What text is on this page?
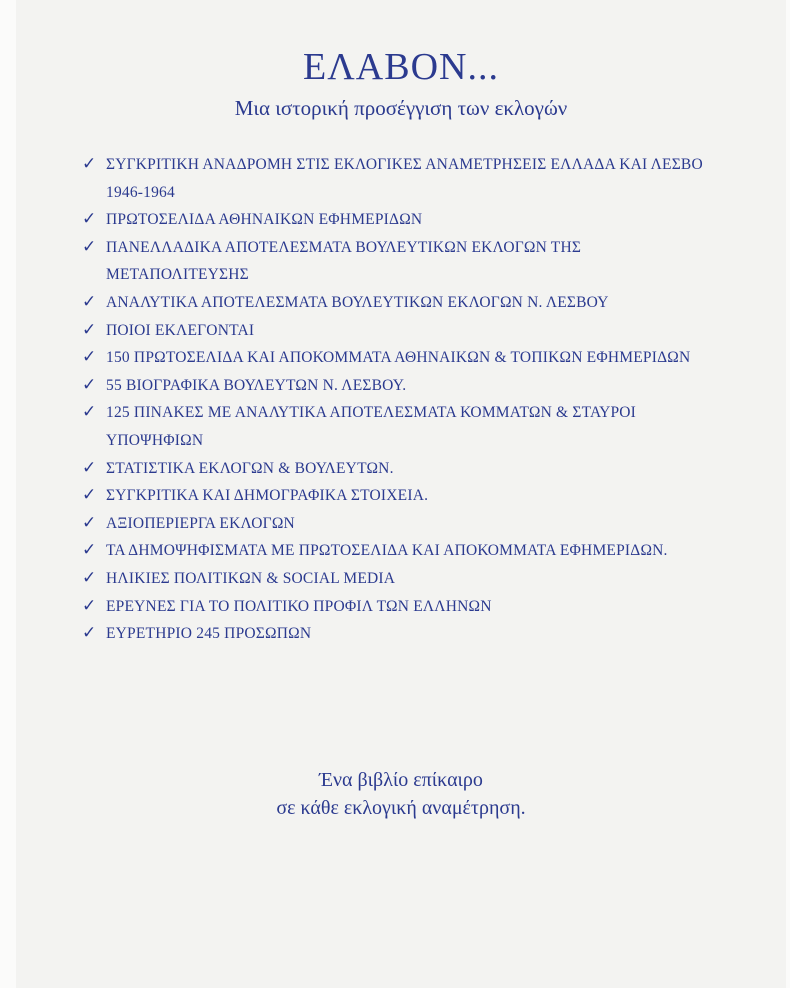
ΕΛΑΒΟΝ...

Μια ιστορική προσέγγιση των εκλογών

✓ ΣΥΓΚΡΙΤΙΚΗ ΑΝΑΔΡΟΜΗ ΣΤΙΣ ΕΚΛΟΓΙΚΕΣ ΑΝΑΜΕΤΡΗΣΕΙΣ ΕΛΛΑΔΑ ΚΑΙ ΛΕΣΒΟ 1946-1964
✓ ΠΡΩΤΟΣΕΛΙΔΑ ΑΘΗΝΑΙΚΩΝ ΕΦΗΜΕΡΙΔΩΝ
✓ ΠΑΝΕΛΛΑΔΙΚΑ ΑΠΟΤΕΛΕΣΜΑΤΑ ΒΟΥΛΕΥΤΙΚΩΝ ΕΚΛΟΓΩΝ ΤΗΣ ΜΕΤΑΠΟΛΙΤΕΥΣΗΣ
✓ ΑΝΑΛΥΤΙΚΑ ΑΠΟΤΕΛΕΣΜΑΤΑ ΒΟΥΛΕΥΤΙΚΩΝ ΕΚΛΟΓΩΝ Ν. ΛΕΣΒΟΥ
✓ ΠΟΙΟΙ ΕΚΛΕΓΟΝΤΑΙ
✓ 150 ΠΡΩΤΟΣΕΛΙΔΑ ΚΑΙ ΑΠΟΚΟΜΜΑΤΑ ΑΘΗΝΑΙΚΩΝ & ΤΟΠΙΚΩΝ ΕΦΗΜΕΡΙΔΩΝ
✓ 55 ΒΙΟΓΡΑΦΙΚΑ ΒΟΥΛΕΥΤΩΝ Ν. ΛΕΣΒΟΥ.
✓ 125 ΠΙΝΑΚΕΣ ΜΕ ΑΝΑΛΥΤΙΚΑ ΑΠΟΤΕΛΕΣΜΑΤΑ ΚΟΜΜΑΤΩΝ & ΣΤΑΥΡΟΙ ΥΠΟΨΗΦΙΩΝ
✓ ΣΤΑΤΙΣΤΙΚΑ ΕΚΛΟΓΩΝ & ΒΟΥΛΕΥΤΩΝ.
✓ ΣΥΓΚΡΙΤΙΚΑ ΚΑΙ ΔΗΜΟΓΡΑΦΙΚΑ ΣΤΟΙΧΕΙΑ.
✓ ΑΞΙΟΠΕΡΙΕΡΓΑ ΕΚΛΟΓΩΝ
✓ ΤΑ ΔΗΜΟΨΗΦΙΣΜΑΤΑ ΜΕ ΠΡΩΤΟΣΕΛΙΔΑ ΚΑΙ ΑΠΟΚΟΜΜΑΤΑ ΕΦΗΜΕΡΙΔΩΝ.
✓ ΗΛΙΚΙΕΣ ΠΟΛΙΤΙΚΩΝ & SOCIAL MEDIA
✓ ΕΡΕΥΝΕΣ ΓΙΑ ΤΟ ΠΟΛΙΤΙΚΟ ΠΡΟΦΙΛ ΤΩΝ ΕΛΛΗΝΩΝ
✓ ΕΥΡΕΤΗΡΙΟ 245 ΠΡΟΣΩΠΩΝ
Ένα βιβλίο επίκαιρο
σε κάθε εκλογική αναμέτρηση.
